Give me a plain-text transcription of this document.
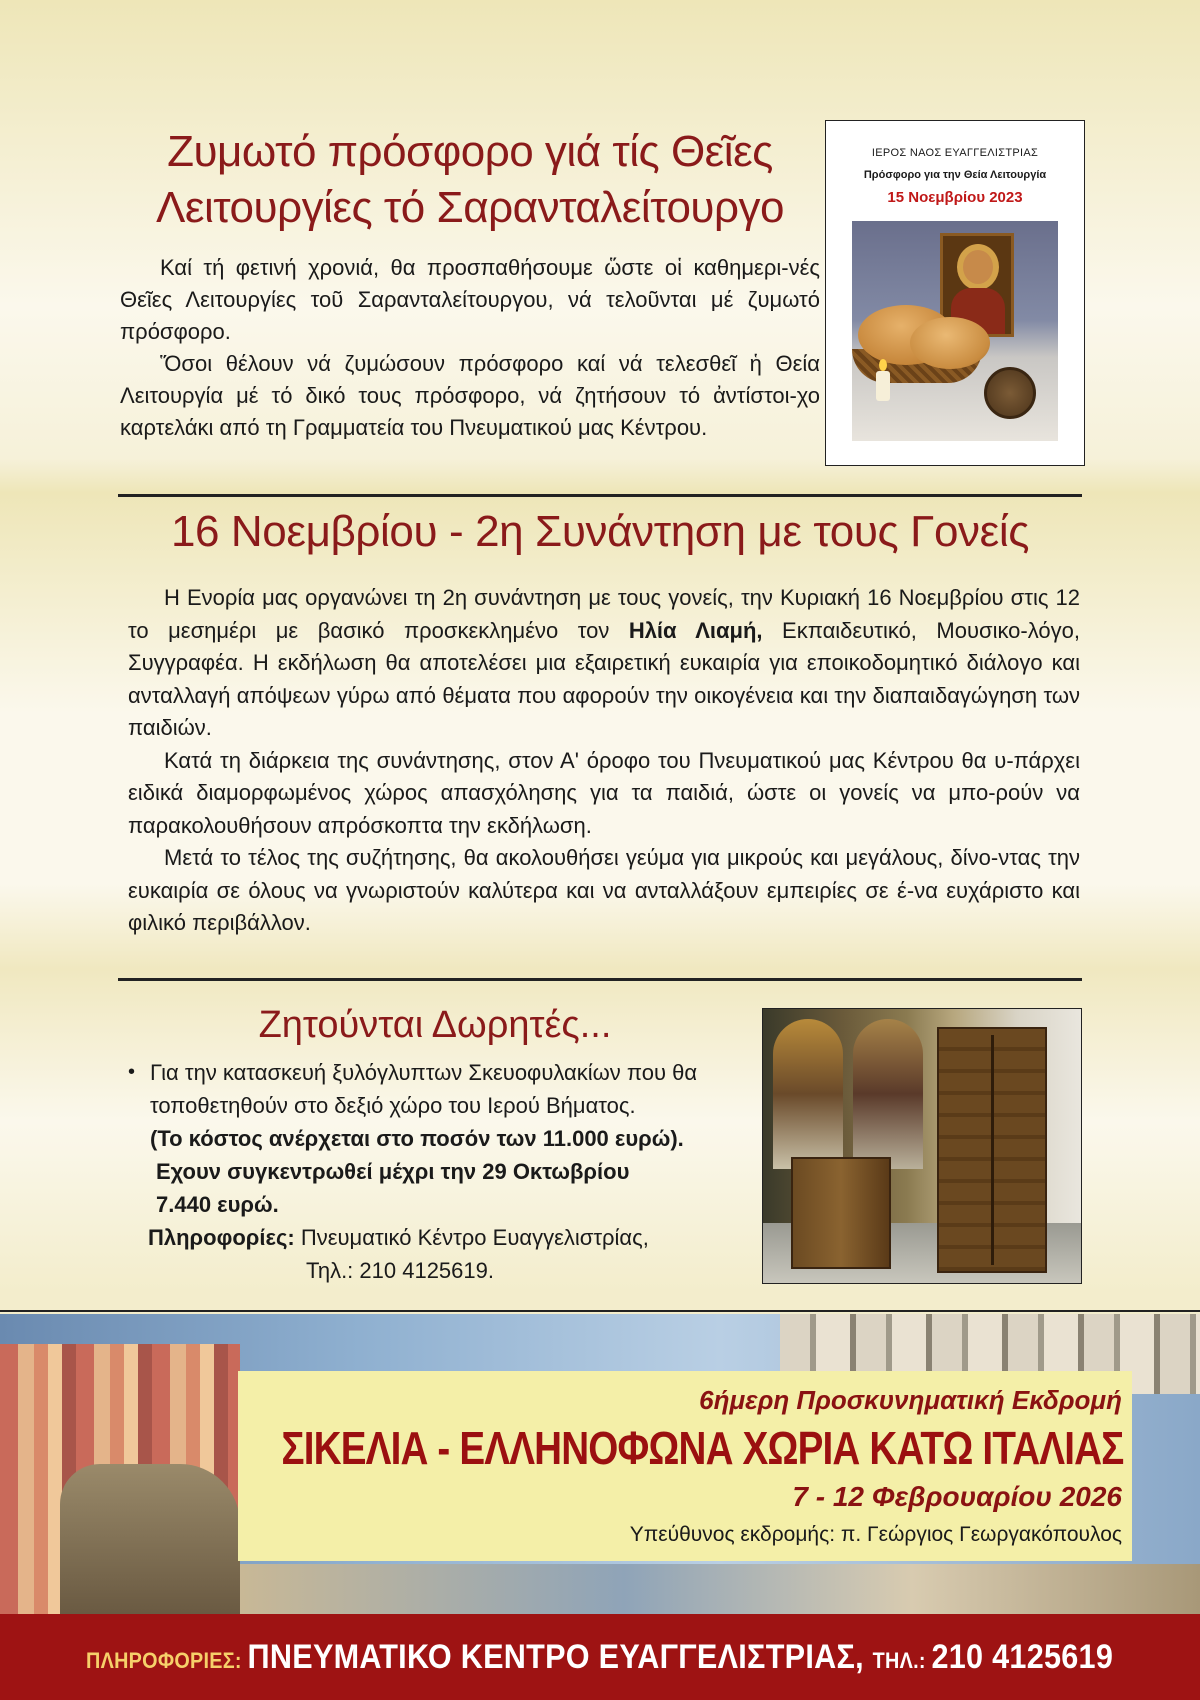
Ζυμωτό πρόσφορο γιά τίς Θεῖες
Λειτουργίες τό Σαρανταλείτουργο

Καί τή φετινή χρονιά, θα προσπαθήσουμε ὥστε οἱ καθημερι-νές Θεῖες Λειτουργίες τοῦ Σαρανταλείτουργου, νά τελοῦνται μέ ζυμωτό πρόσφορο.

Ὅσοι θέλουν νά ζυμώσουν πρόσφορο καί νά τελεσθεῖ ἡ Θεία Λειτουργία μέ τό δικό τους πρόσφορο, νά ζητήσουν τό ἀντίστοι-χο καρτελάκι από τη Γραμματεία του Πνευματικού μας Κέντρου.

ΙΕΡΟΣ ΝΑΟΣ ΕΥΑΓΓΕΛΙΣΤΡΙΑΣ
Πρόσφορο για την Θεία Λειτουργία
15 Νοεμβρίου 2023
16 Νοεμβρίου - 2η Συνάντηση με τους Γονείς

Η Ενορία μας οργανώνει τη 2η συνάντηση με τους γονείς, την Κυριακή 16 Νοεμβρίου στις 12 το μεσημέρι με βασικό προσκεκλημένο τον Ηλία Λιαμή, Εκπαιδευτικό, Μουσικο-λόγο, Συγγραφέα. Η εκδήλωση θα αποτελέσει μια εξαιρετική ευκαιρία για εποικοδομητικό διάλογο και ανταλλαγή απόψεων γύρω από θέματα που αφορούν την οικογένεια και την διαπαιδαγώγηση των παιδιών.

Κατά τη διάρκεια της συνάντησης, στον Α' όροφο του Πνευματικού μας Κέντρου θα υ-πάρχει ειδικά διαμορφωμένος χώρος απασχόλησης για τα παιδιά, ώστε οι γονείς να μπο-ρούν να παρακολουθήσουν απρόσκοπτα την εκδήλωση.

Μετά το τέλος της συζήτησης, θα ακολουθήσει γεύμα για μικρούς και μεγάλους, δίνο-ντας την ευκαιρία σε όλους να γνωριστούν καλύτερα και να ανταλλάξουν εμπειρίες σε έ-να ευχάριστο και φιλικό περιβάλλον.

Ζητούνται Δωρητές...
• Για την κατασκευή ξυλόγλυπτων Σκευοφυλακίων που θα
τοποθετηθούν στο δεξιό χώρο του Ιερού Βήματος.
(Το κόστος ανέρχεται στο ποσόν των 11.000 ευρώ).
Εχουν συγκεντρωθεί μέχρι την 29 Οκτωβρίου
7.440 ευρώ.
Πληροφορίες: Πνευματικό Κέντρο Ευαγγελιστρίας,
Τηλ.: 210 4125619.
6ήμερη Προσκυνηματική Εκδρομή
ΣΙΚΕΛΙΑ - ΕΛΛΗΝΟΦΩΝΑ ΧΩΡΙΑ ΚΑΤΩ ΙΤΑΛΙΑΣ
7 - 12 Φεβρουαρίου 2026
Υπεύθυνος εκδρομής: π. Γεώργιος Γεωργακόπουλος
ΠΛΗΡΟΦΟΡΙΕΣ: ΠΝΕΥΜΑΤΙΚΟ ΚΕΝΤΡΟ ΕΥΑΓΓΕΛΙΣΤΡΙΑΣ, ΤΗΛ.: 210 4125619
